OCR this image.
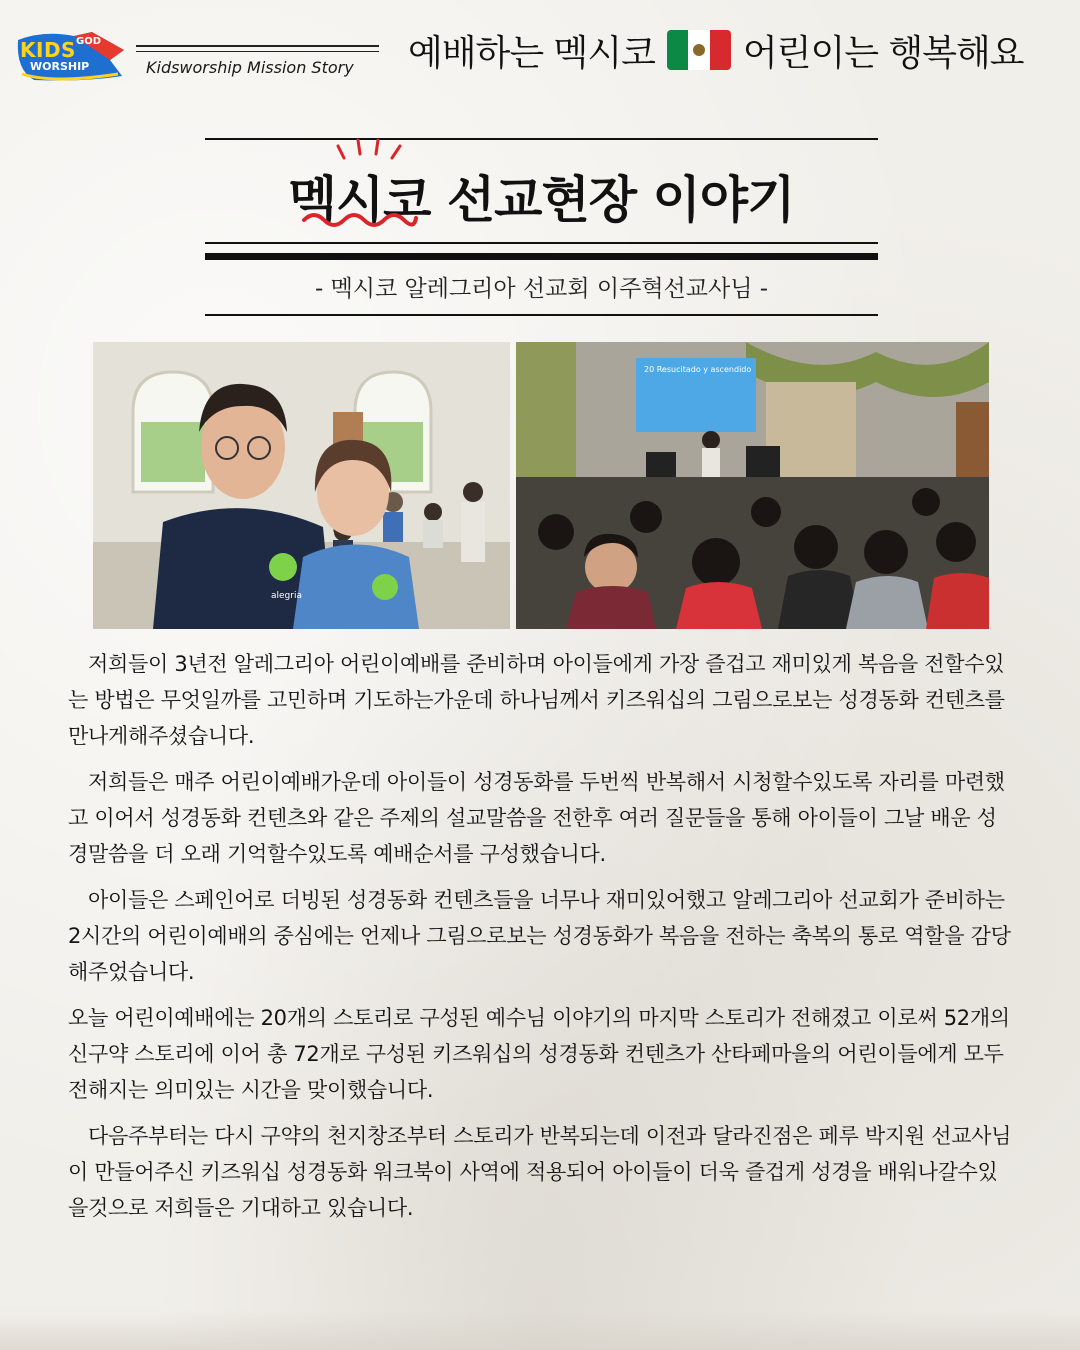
KIDS GOD
WORSHIP	Kidsworship Mission Story	예배하는 멕시코 어린이는 행복해요
멕시코 선교현장 이야기
- 멕시코 알레그리아 선교회 이주혁선교사님 -
alegria
20 Resucitado y ascendido

저희들이 3년전 알레그리아 어린이예배를 준비하며 아이들에게 가장 즐겁고 재미있게 복음을 전할수있는 방법은 무엇일까를 고민하며 기도하는가운데 하나님께서 키즈워십의 그림으로보는 성경동화 컨텐츠를 만나게해주셨습니다.

저희들은 매주 어린이예배가운데 아이들이 성경동화를 두번씩 반복해서 시청할수있도록 자리를 마련했고 이어서 성경동화 컨텐츠와 같은 주제의 설교말씀을 전한후 여러 질문들을 통해 아이들이 그날 배운 성경말씀을 더 오래 기억할수있도록 예배순서를 구성했습니다.

아이들은 스페인어로 더빙된 성경동화 컨텐츠들을 너무나 재미있어했고 알레그리아 선교회가 준비하는 2시간의 어린이예배의 중심에는 언제나 그림으로보는 성경동화가 복음을 전하는 축복의 통로 역할을 감당해주었습니다.

오늘 어린이예배에는 20개의 스토리로 구성된 예수님 이야기의 마지막 스토리가 전해졌고 이로써 52개의 신구약 스토리에 이어 총 72개로 구성된 키즈워십의 성경동화 컨텐츠가 산타페마을의 어린이들에게 모두 전해지는 의미있는 시간을 맞이했습니다.

다음주부터는 다시 구약의 천지창조부터 스토리가 반복되는데 이전과 달라진점은 페루 박지원 선교사님이 만들어주신 키즈워십 성경동화 워크북이 사역에 적용되어 아이들이 더욱 즐겁게 성경을 배워나갈수있을것으로 저희들은 기대하고 있습니다.
